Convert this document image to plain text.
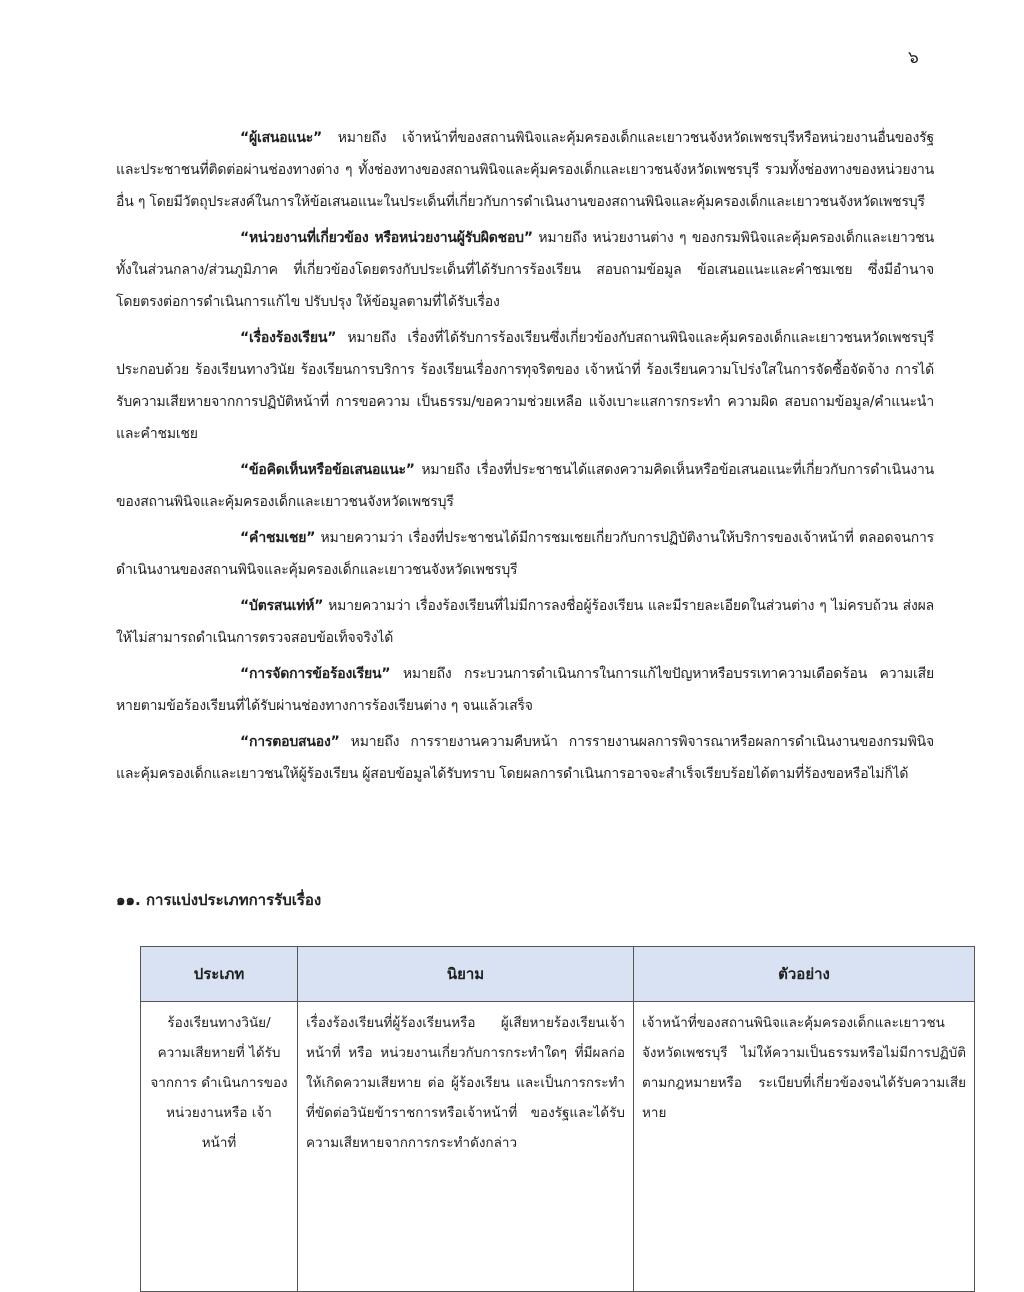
๖

“ผู้เสนอแนะ” หมายถึง เจ้าหน้าที่ของสถานพินิจและคุ้มครองเด็กและเยาวชนจังหวัดเพชรบุรีหรือหน่วยงานอื่นของรัฐ และประชาชนที่ติดต่อผ่านช่องทางต่าง ๆ ทั้งช่องทางของสถานพินิจและคุ้มครองเด็กและเยาวชนจังหวัดเพชรบุรี รวมทั้งช่องทางของหน่วยงานอื่น ๆ โดยมีวัตถุประสงค์ในการให้ข้อเสนอแนะในประเด็นที่เกี่ยวกับการดำเนินงานของสถานพินิจและคุ้มครองเด็กและเยาวชนจังหวัดเพชรบุรี

“หน่วยงานที่เกี่ยวข้อง หรือหน่วยงานผู้รับผิดชอบ” หมายถึง หน่วยงานต่าง ๆ ของกรมพินิจและคุ้มครองเด็กและเยาวชน ทั้งในส่วนกลาง/ส่วนภูมิภาค ที่เกี่ยวข้องโดยตรงกับประเด็นที่ได้รับการร้องเรียน สอบถามข้อมูล ข้อเสนอแนะและคำชมเชย ซึ่งมีอำนาจโดยตรงต่อการดำเนินการแก้ไข ปรับปรุง ให้ข้อมูลตามที่ได้รับเรื่อง

“เรื่องร้องเรียน” หมายถึง เรื่องที่ได้รับการร้องเรียนซึ่งเกี่ยวข้องกับสถานพินิจและคุ้มครองเด็กและเยาวชนหวัดเพชรบุรี ประกอบด้วย ร้องเรียนทางวินัย ร้องเรียนการบริการ ร้องเรียนเรื่องการทุจริตของ เจ้าหน้าที่ ร้องเรียนความโปร่งใสในการจัดซื้อจัดจ้าง การได้รับความเสียหายจากการปฏิบัติหน้าที่ การขอความ เป็นธรรม/ขอความช่วยเหลือ แจ้งเบาะแสการกระทำ ความผิด สอบถามข้อมูล/คำแนะนำ และคำชมเชย

“ข้อคิดเห็นหรือข้อเสนอแนะ” หมายถึง เรื่องที่ประชาชนได้แสดงความคิดเห็นหรือข้อเสนอแนะที่เกี่ยวกับการดำเนินงานของสถานพินิจและคุ้มครองเด็กและเยาวชนจังหวัดเพชรบุรี

“คำชมเชย” หมายความว่า เรื่องที่ประชาชนได้มีการชมเชยเกี่ยวกับการปฏิบัติงานให้บริการของเจ้าหน้าที่ ตลอดจนการดำเนินงานของสถานพินิจและคุ้มครองเด็กและเยาวชนจังหวัดเพชรบุรี

“บัตรสนเท่ห์” หมายความว่า เรื่องร้องเรียนที่ไม่มีการลงชื่อผู้ร้องเรียน และมีรายละเอียดในส่วนต่าง ๆ ไม่ครบถ้วน ส่งผลให้ไม่สามารถดำเนินการตรวจสอบข้อเท็จจริงได้

“การจัดการข้อร้องเรียน” หมายถึง กระบวนการดำเนินการในการแก้ไขปัญหาหรือบรรเทาความเดือดร้อน ความเสียหายตามข้อร้องเรียนที่ได้รับผ่านช่องทางการร้องเรียนต่าง ๆ จนแล้วเสร็จ

“การตอบสนอง” หมายถึง การรายงานความคืบหน้า การรายงานผลการพิจารณาหรือผลการดำเนินงานของกรมพินิจและคุ้มครองเด็กและเยาวชนให้ผู้ร้องเรียน ผู้สอบข้อมูลได้รับทราบ โดยผลการดำเนินการอาจจะสำเร็จเรียบร้อยได้ตามที่ร้องขอหรือไม่ก็ได้

๑๑. การแบ่งประเภทการรับเรื่อง
ประเภท	นิยาม	ตัวอย่าง
ร้องเรียนทางวินัย/ ความเสียหายที่ ได้รับจากการ ดำเนินการของ หน่วยงานหรือ เจ้าหน้าที่	เรื่องร้องเรียนที่ผู้ร้องเรียนหรือ ผู้เสียหายร้องเรียนเจ้าหน้าที่ หรือ หน่วยงานเกี่ยวกับการกระทำใดๆ ที่มีผลก่อให้เกิดความเสียหาย ต่อ ผู้ร้องเรียน และเป็นการกระทำที่ขัดต่อวินัยข้าราชการหรือเจ้าหน้าที่ ของรัฐและได้รับความเสียหายจากการกระทำดังกล่าว	เจ้าหน้าที่ของสถานพินิจและคุ้มครองเด็กและเยาวชนจังหวัดเพชรบุรี ไม่ให้ความเป็นธรรมหรือไม่มีการปฏิบัติตามกฎหมายหรือ ระเบียบที่เกี่ยวข้องจนได้รับความเสียหาย
